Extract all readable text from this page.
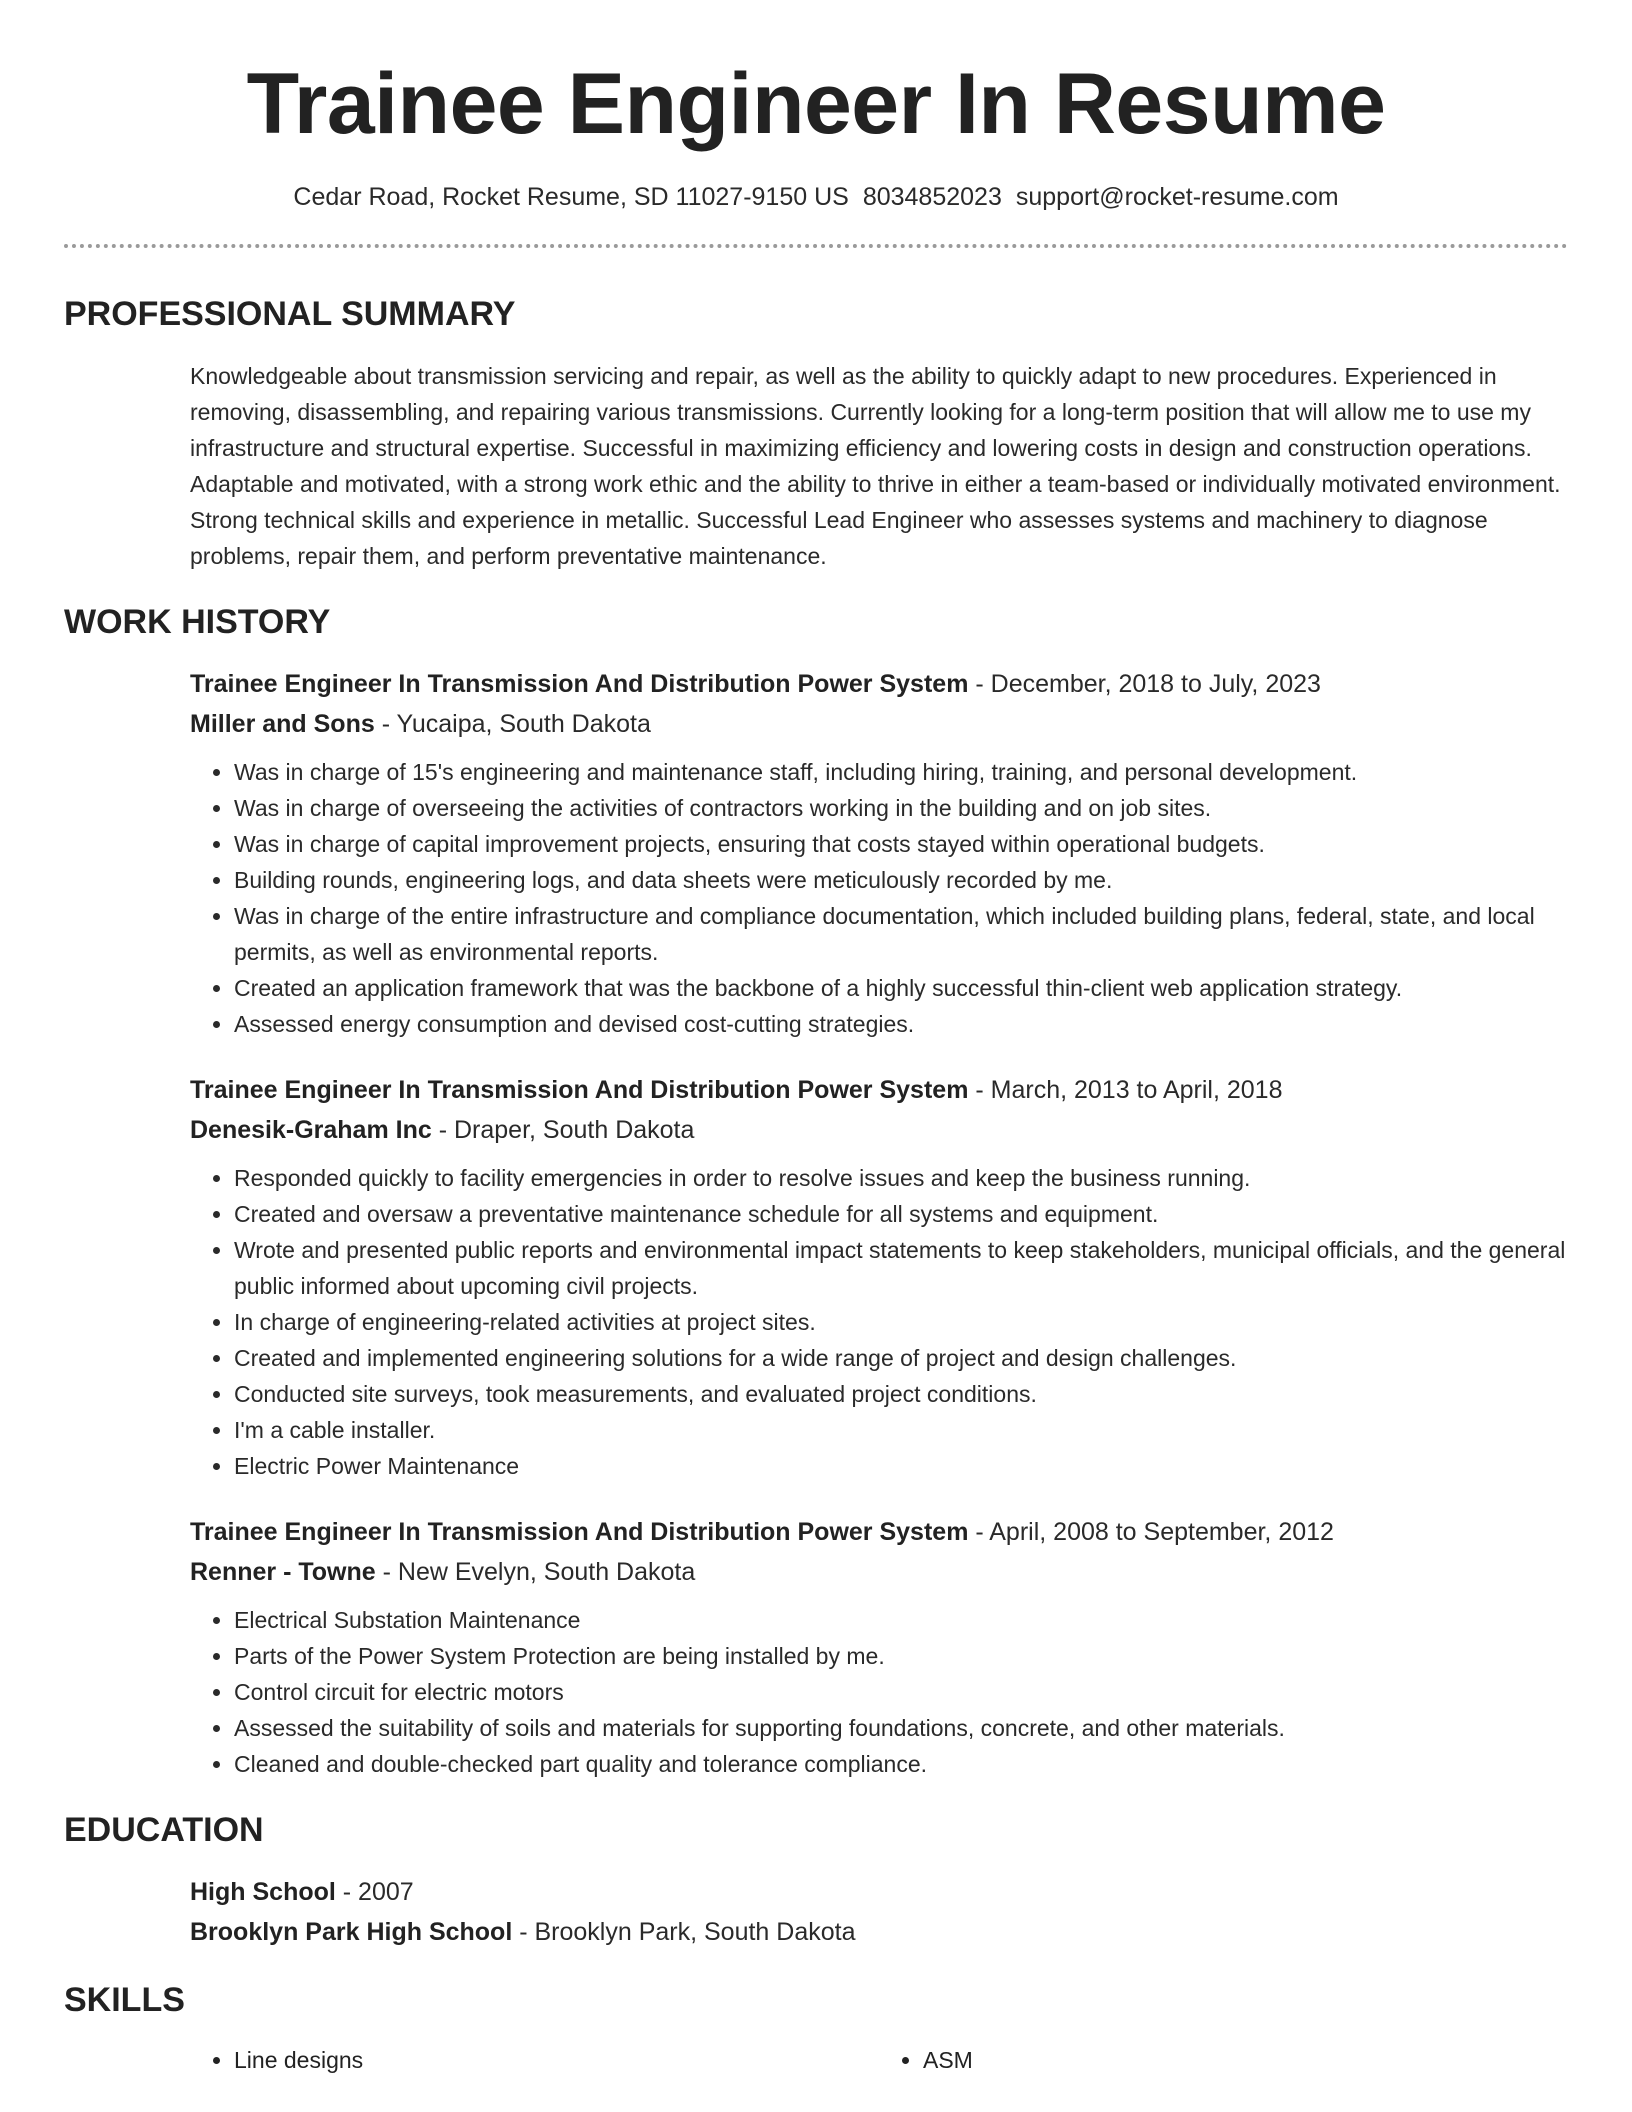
Trainee Engineer In Resume
Cedar Road, Rocket Resume, SD 11027-9150 US 8034852023 support@rocket-resume.com
PROFESSIONAL SUMMARY

Knowledgeable about transmission servicing and repair, as well as the ability to quickly adapt to new procedures. Experienced in removing, disassembling, and repairing various transmissions. Currently looking for a long-term position that will allow me to use my infrastructure and structural expertise. Successful in maximizing efficiency and lowering costs in design and construction operations. Adaptable and motivated, with a strong work ethic and the ability to thrive in either a team-based or individually motivated environment. Strong technical skills and experience in metallic. Successful Lead Engineer who assesses systems and machinery to diagnose problems, repair them, and perform preventative maintenance.

WORK HISTORY
Trainee Engineer In Transmission And Distribution Power System - December, 2018 to July, 2023
Miller and Sons - Yucaipa, South Dakota
• Was in charge of 15's engineering and maintenance staff, including hiring, training, and personal development.
• Was in charge of overseeing the activities of contractors working in the building and on job sites.
• Was in charge of capital improvement projects, ensuring that costs stayed within operational budgets.
• Building rounds, engineering logs, and data sheets were meticulously recorded by me.
• Was in charge of the entire infrastructure and compliance documentation, which included building plans, federal, state, and local permits, as well as environmental reports.
• Created an application framework that was the backbone of a highly successful thin-client web application strategy.
• Assessed energy consumption and devised cost-cutting strategies.
Trainee Engineer In Transmission And Distribution Power System - March, 2013 to April, 2018
Denesik-Graham Inc - Draper, South Dakota
• Responded quickly to facility emergencies in order to resolve issues and keep the business running.
• Created and oversaw a preventative maintenance schedule for all systems and equipment.
• Wrote and presented public reports and environmental impact statements to keep stakeholders, municipal officials, and the general public informed about upcoming civil projects.
• In charge of engineering-related activities at project sites.
• Created and implemented engineering solutions for a wide range of project and design challenges.
• Conducted site surveys, took measurements, and evaluated project conditions.
• I'm a cable installer.
• Electric Power Maintenance
Trainee Engineer In Transmission And Distribution Power System - April, 2008 to September, 2012
Renner - Towne - New Evelyn, South Dakota
• Electrical Substation Maintenance
• Parts of the Power System Protection are being installed by me.
• Control circuit for electric motors
• Assessed the suitability of soils and materials for supporting foundations, concrete, and other materials.
• Cleaned and double-checked part quality and tolerance compliance.
EDUCATION
High School - 2007
Brooklyn Park High School - Brooklyn Park, South Dakota
SKILLS
• Line designs
•	ASM
